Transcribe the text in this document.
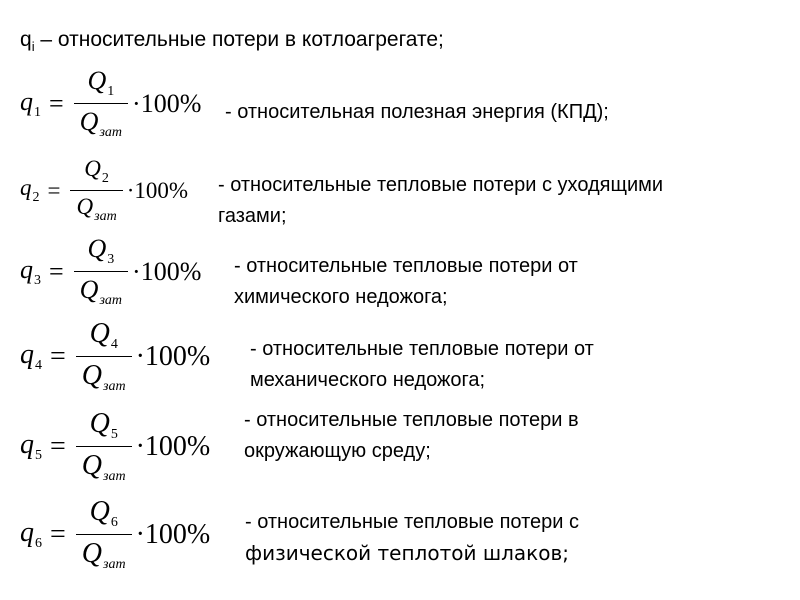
$q_i$ – относительные потери в котлоагрегате;
$q_1 = \frac{Q_1}{Q_{зат}} \cdot 100\%$ - относительная полезная энергия (КПД);
$q_2 = \frac{Q_2}{Q_{зат}} \cdot 100\%$ - относительные тепловые потери с уходящими
газами;
$q_3 = \frac{Q_3}{Q_{зат}} \cdot 100\%$ - относительные тепловые потери от
химического недожога;
$q_4 = \frac{Q_4}{Q_{зат}} \cdot 100\%$ - относительные тепловые потери от
механического недожога;
$q_5 = \frac{Q_5}{Q_{зат}} \cdot 100\%$
- относительные тепловые потери в
окружающую среду;
$q_6 = \frac{Q_6}{Q_{зат}} \cdot 100\%$ - относительные тепловые потери с
физической теплотой шлаков;
